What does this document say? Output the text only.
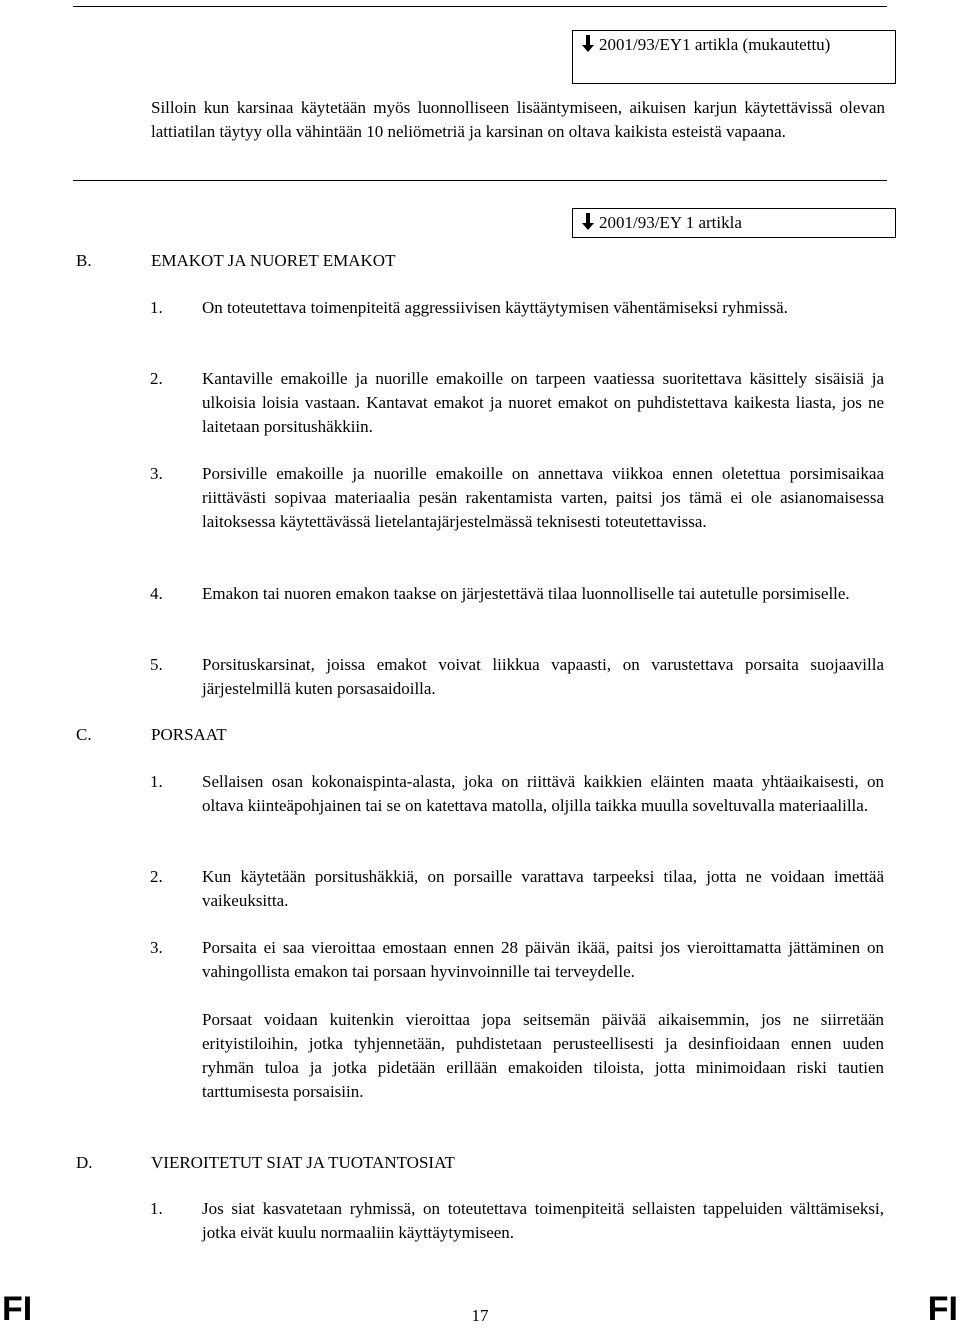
2001/93/EY1 artikla (mukautettu)
Silloin kun karsinaa käytetään myös luonnolliseen lisääntymiseen, aikuisen karjun käytettävissä olevan lattiatilan täytyy olla vähintään 10 neliömetriä ja karsinan on oltava kaikista esteistä vapaana.
2001/93/EY 1 artikla
B.	EMAKOT JA NUORET EMAKOT
1. On toteutettava toimenpiteitä aggressiivisen käyttäytymisen vähentämiseksi ryhmissä.
2. Kantaville emakoille ja nuorille emakoille on tarpeen vaatiessa suoritettava käsittely sisäisiä ja ulkoisia loisia vastaan. Kantavat emakot ja nuoret emakot on puhdistettava kaikesta liasta, jos ne laitetaan porsitushäkkiin.
3. Porsiville emakoille ja nuorille emakoille on annettava viikkoa ennen oletettua porsimisaikaa riittävästi sopivaa materiaalia pesän rakentamista varten, paitsi jos tämä ei ole asianomaisessa laitoksessa käytettävässä lietelantajärjestelmässä teknisesti toteutettavissa.
4. Emakon tai nuoren emakon taakse on järjestettävä tilaa luonnolliselle tai autetulle porsimiselle.
5. Porsituskarsinat, joissa emakot voivat liikkua vapaasti, on varustettava porsaita suojaavilla järjestelmillä kuten porsasaidoilla.
C.	PORSAAT
1. Sellaisen osan kokonaispinta-alasta, joka on riittävä kaikkien eläinten maata yhtäaikaisesti, on oltava kiinteäpohjainen tai se on katettava matolla, oljilla taikka muulla soveltuvalla materiaalilla.
2. Kun käytetään porsitushäkkiä, on porsaille varattava tarpeeksi tilaa, jotta ne voidaan imettää vaikeuksitta.
3. Porsaita ei saa vieroittaa emostaan ennen 28 päivän ikää, paitsi jos vieroittamatta jättäminen on vahingollista emakon tai porsaan hyvinvoinnille tai terveydelle.

Porsaat voidaan kuitenkin vieroittaa jopa seitsemän päivää aikaisemmin, jos ne siirretään erityistiloihin, jotka tyhjennetään, puhdistetaan perusteellisesti ja desinfioidaan ennen uuden ryhmän tuloa ja jotka pidetään erillään emakoiden tiloista, jotta minimoidaan riski tautien tarttumisesta porsaisiin.

D.	VIEROITETUT SIAT JA TUOTANTOSIAT
1. Jos siat kasvatetaan ryhmissä, on toteutettava toimenpiteitä sellaisten tappeluiden välttämiseksi, jotka eivät kuulu normaaliin käyttäytymiseen.
FI	17	FI
